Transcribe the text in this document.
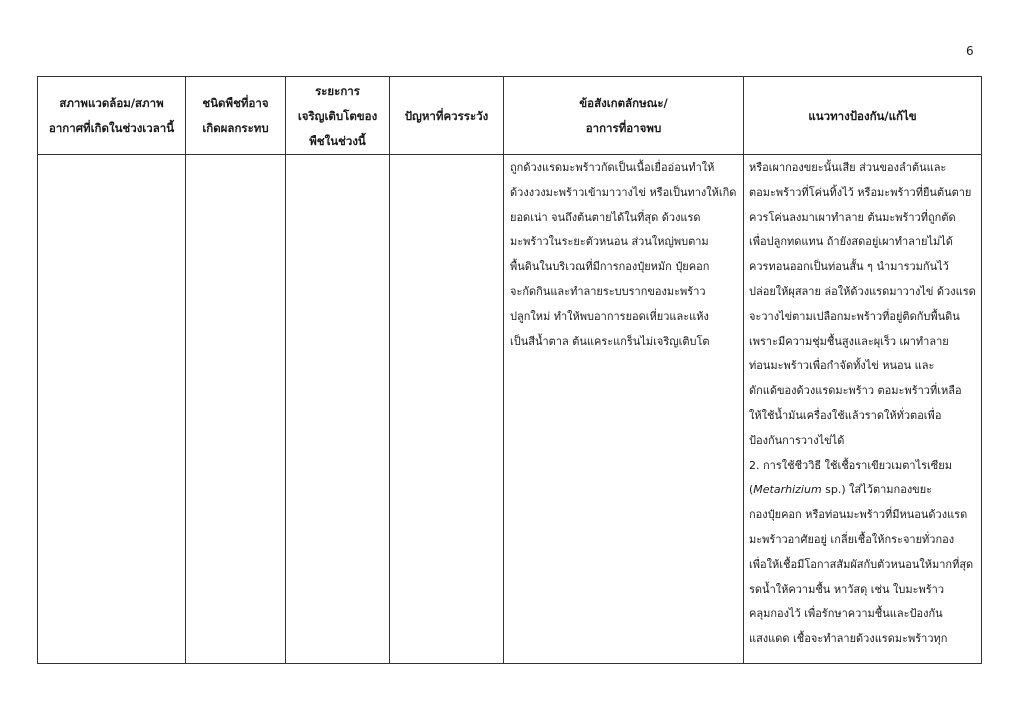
6
สภาพแวดล้อม/สภาพ
อากาศที่เกิดในช่วงเวลานี้
ชนิดพืชที่อาจ
เกิดผลกระทบ
ระยะการ
เจริญเติบโตของ
พืชในช่วงนี้
ปัญหาที่ควรระวัง
ข้อสังเกตลักษณะ/
อาการที่อาจพบ
แนวทางป้องกัน/แก้ไข
ถูกด้วงแรดมะพร้าวกัดเป็นเนื้อเยื่ออ่อนทำให้
ด้วงงวงมะพร้าวเข้ามาวางไข่ หรือเป็นทางให้เกิด
ยอดเน่า จนถึงต้นตายได้ในที่สุด ด้วงแรด
มะพร้าวในระยะตัวหนอน ส่วนใหญ่พบตาม
พื้นดินในบริเวณที่มีการกองปุ๋ยหมัก ปุ๋ยคอก
จะกัดกินและทำลายระบบรากของมะพร้าว
ปลูกใหม่ ทำให้พบอาการยอดเหี่ยวและแห้ง
เป็นสีน้ำตาล ต้นแคระแกร็นไม่เจริญเติบโต
หรือเผากองขยะนั้นเสีย ส่วนของลำต้นและ
ตอมะพร้าวที่โค่นทิ้งไว้ หรือมะพร้าวที่ยืนต้นตาย
ควรโค่นลงมาเผาทำลาย ต้นมะพร้าวที่ถูกตัด
เพื่อปลูกทดแทน ถ้ายังสดอยู่เผาทำลายไม่ได้
ควรทอนออกเป็นท่อนสั้น ๆ นำมารวมกันไว้
ปล่อยให้ผุสลาย ล่อให้ด้วงแรดมาวางไข่ ด้วงแรด
จะวางไข่ตามเปลือกมะพร้าวที่อยู่ติดกับพื้นดิน
เพราะมีความชุ่มชื้นสูงและผุเร็ว เผาทำลาย
ท่อนมะพร้าวเพื่อกำจัดทั้งไข่ หนอน และ
ดักแด้ของด้วงแรดมะพร้าว ตอมะพร้าวที่เหลือ
ให้ใช้น้ำมันเครื่องใช้แล้วราดให้ทั่วตอเพื่อ
ป้องกันการวางไข่ได้
2. การใช้ชีววิธี ใช้เชื้อราเขียวเมตาไรเซียม
(Metarhizium sp.) ใส่ไว้ตามกองขยะ
กองปุ๋ยคอก หรือท่อนมะพร้าวที่มีหนอนด้วงแรด
มะพร้าวอาศัยอยู่ เกลี่ยเชื้อให้กระจายทั่วกอง
เพื่อให้เชื้อมีโอกาสสัมผัสกับตัวหนอนให้มากที่สุด
รดน้ำให้ความชื้น หาวัสดุ เช่น ใบมะพร้าว
คลุมกองไว้ เพื่อรักษาความชื้นและป้องกัน
แสงแดด เชื้อจะทำลายด้วงแรดมะพร้าวทุก
